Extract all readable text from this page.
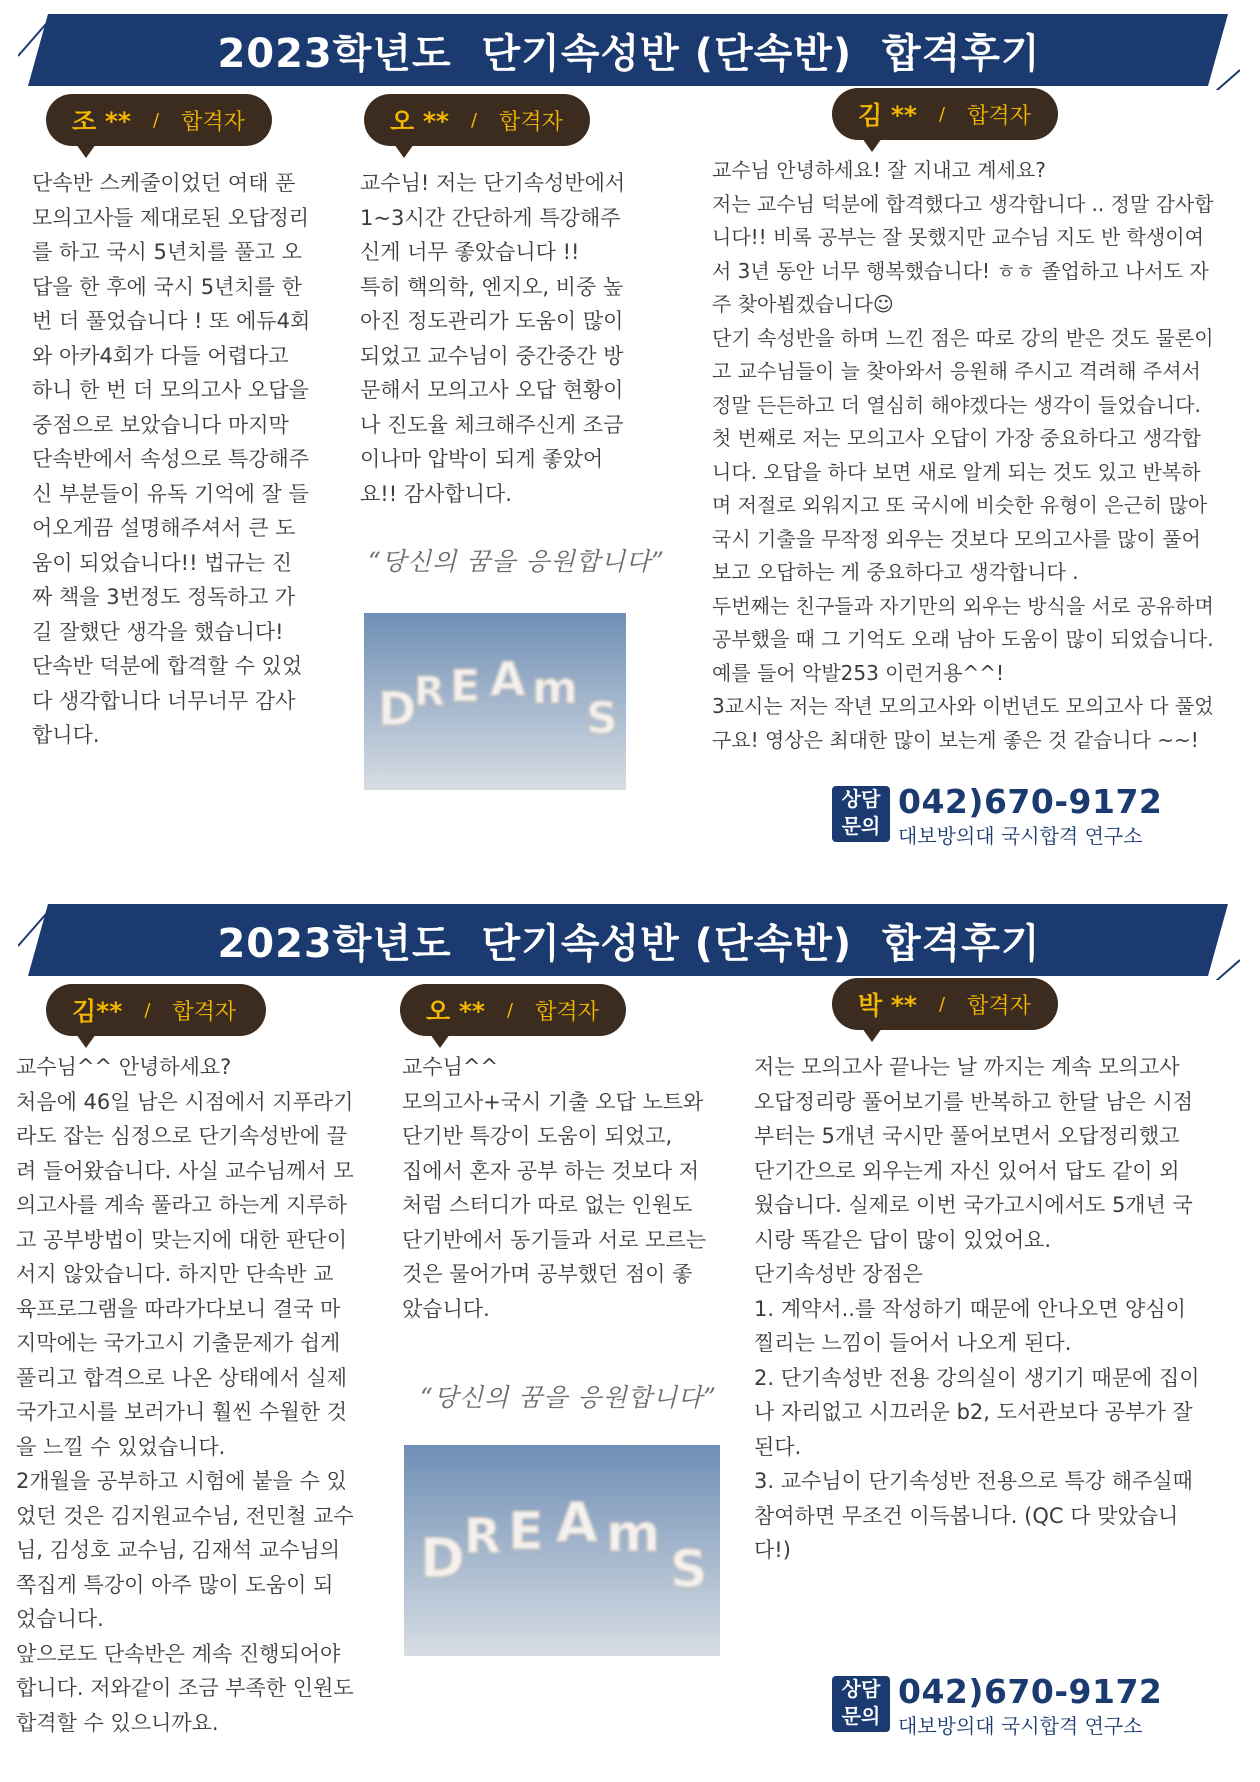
2023학년도  단기속성반 (단속반)  합격후기
조 ** / 합격자
단속반 스케줄이었던 여태 푼
모의고사들 제대로된 오답정리
를 하고 국시 5년치를 풀고 오
답을 한 후에 국시 5년치를 한
번 더 풀었습니다 ! 또 에듀4회
와 아카4회가 다들 어렵다고
하니 한 번 더 모의고사 오답을
중점으로 보았습니다 마지막
단속반에서 속성으로 특강해주
신 부분들이 유독 기억에 잘 들
어오게끔 설명해주셔서 큰 도
움이 되었습니다!! 법규는 진
짜 책을 3번정도 정독하고 가
길 잘했단 생각을 했습니다!
단속반 덕분에 합격할 수 있었
다 생각합니다 너무너무 감사
합니다.
오 ** / 합격자
교수님! 저는 단기속성반에서
1~3시간 간단하게 특강해주
신게 너무 좋았습니다 !!
특히 핵의학, 엔지오, 비중 높
아진 정도관리가 도움이 많이
되었고 교수님이 중간중간 방
문해서 모의고사 오답 현황이
나 진도율 체크해주신게 조금
이나마 압박이 되게 좋았어
요!! 감사합니다.
“당신의 꿈을 응원합니다”
D
R E A m
S
김 ** / 합격자
교수님 안녕하세요! 잘 지내고 계세요?
저는 교수님 덕분에 합격했다고 생각합니다 .. 정말 감사합
니다!! 비록 공부는 잘 못했지만 교수님 지도 반 학생이여
서 3년 동안 너무 행복했습니다! ㅎㅎ 졸업하고 나서도 자
주 찾아뵙겠습니다☺
단기 속성반을 하며 느낀 점은 따로 강의 받은 것도 물론이
고 교수님들이 늘 찾아와서 응원해 주시고 격려해 주셔서
정말 든든하고 더 열심히 해야겠다는 생각이 들었습니다.
첫 번째로 저는 모의고사 오답이 가장 중요하다고 생각합
니다. 오답을 하다 보면 새로 알게 되는 것도 있고 반복하
며 저절로 외워지고 또 국시에 비슷한 유형이 은근히 많아
국시 기출을 무작정 외우는 것보다 모의고사를 많이 풀어
보고 오답하는 게 중요하다고 생각합니다 .
두번째는 친구들과 자기만의 외우는 방식을 서로 공유하며
공부했을 때 그 기억도 오래 남아 도움이 많이 되었습니다.
예를 들어 악발253 이런거용^^!
3교시는 저는 작년 모의고사와 이번년도 모의고사 다 풀었
구요! 영상은 최대한 많이 보는게 좋은 것 같습니다 ~~!
상담
문의
042)670-9172
대보방의대 국시합격 연구소
2023학년도  단기속성반 (단속반)  합격후기
김** / 합격자
교수님^^ 안녕하세요?
처음에 46일 남은 시점에서 지푸라기
라도 잡는 심정으로 단기속성반에 끌
려 들어왔습니다. 사실 교수님께서 모
의고사를 계속 풀라고 하는게 지루하
고 공부방법이 맞는지에 대한 판단이
서지 않았습니다. 하지만 단속반 교
육프로그램을 따라가다보니 결국 마
지막에는 국가고시 기출문제가 쉽게
풀리고 합격으로 나온 상태에서 실제
국가고시를 보러가니 훨씬 수월한 것
을 느낄 수 있었습니다.
2개월을 공부하고 시험에 붙을 수 있
었던 것은 김지원교수님, 전민철 교수
님, 김성호 교수님, 김재석 교수님의
쪽집게 특강이 아주 많이 도움이 되
었습니다.
앞으로도 단속반은 계속 진행되어야
합니다. 저와같이 조금 부족한 인원도
합격할 수 있으니까요.
오 ** / 합격자
교수님^^
모의고사+국시 기출 오답 노트와
단기반 특강이 도움이 되었고,
집에서 혼자 공부 하는 것보다 저
처럼 스터디가 따로 없는 인원도
단기반에서 동기들과 서로 모르는
것은 물어가며 공부했던 점이 좋
았습니다.
“당신의 꿈을 응원합니다”
D R E A m
S
박 ** / 합격자
저는 모의고사 끝나는 날 까지는 계속 모의고사
오답정리랑 풀어보기를 반복하고 한달 남은 시점
부터는 5개년 국시만 풀어보면서 오답정리했고
단기간으로 외우는게 자신 있어서 답도 같이 외
웠습니다. 실제로 이번 국가고시에서도 5개년 국
시랑 똑같은 답이 많이 있었어요.
단기속성반 장점은
1. 계약서..를 작성하기 때문에 안나오면 양심이
찔리는 느낌이 들어서 나오게 된다.
2. 단기속성반 전용 강의실이 생기기 때문에 집이
나 자리없고 시끄러운 b2, 도서관보다 공부가 잘
된다.
3. 교수님이 단기속성반 전용으로 특강 해주실때
참여하면 무조건 이득봅니다. (QC 다 맞았습니
다!)
상담
문의
042)670-9172
대보방의대 국시합격 연구소
